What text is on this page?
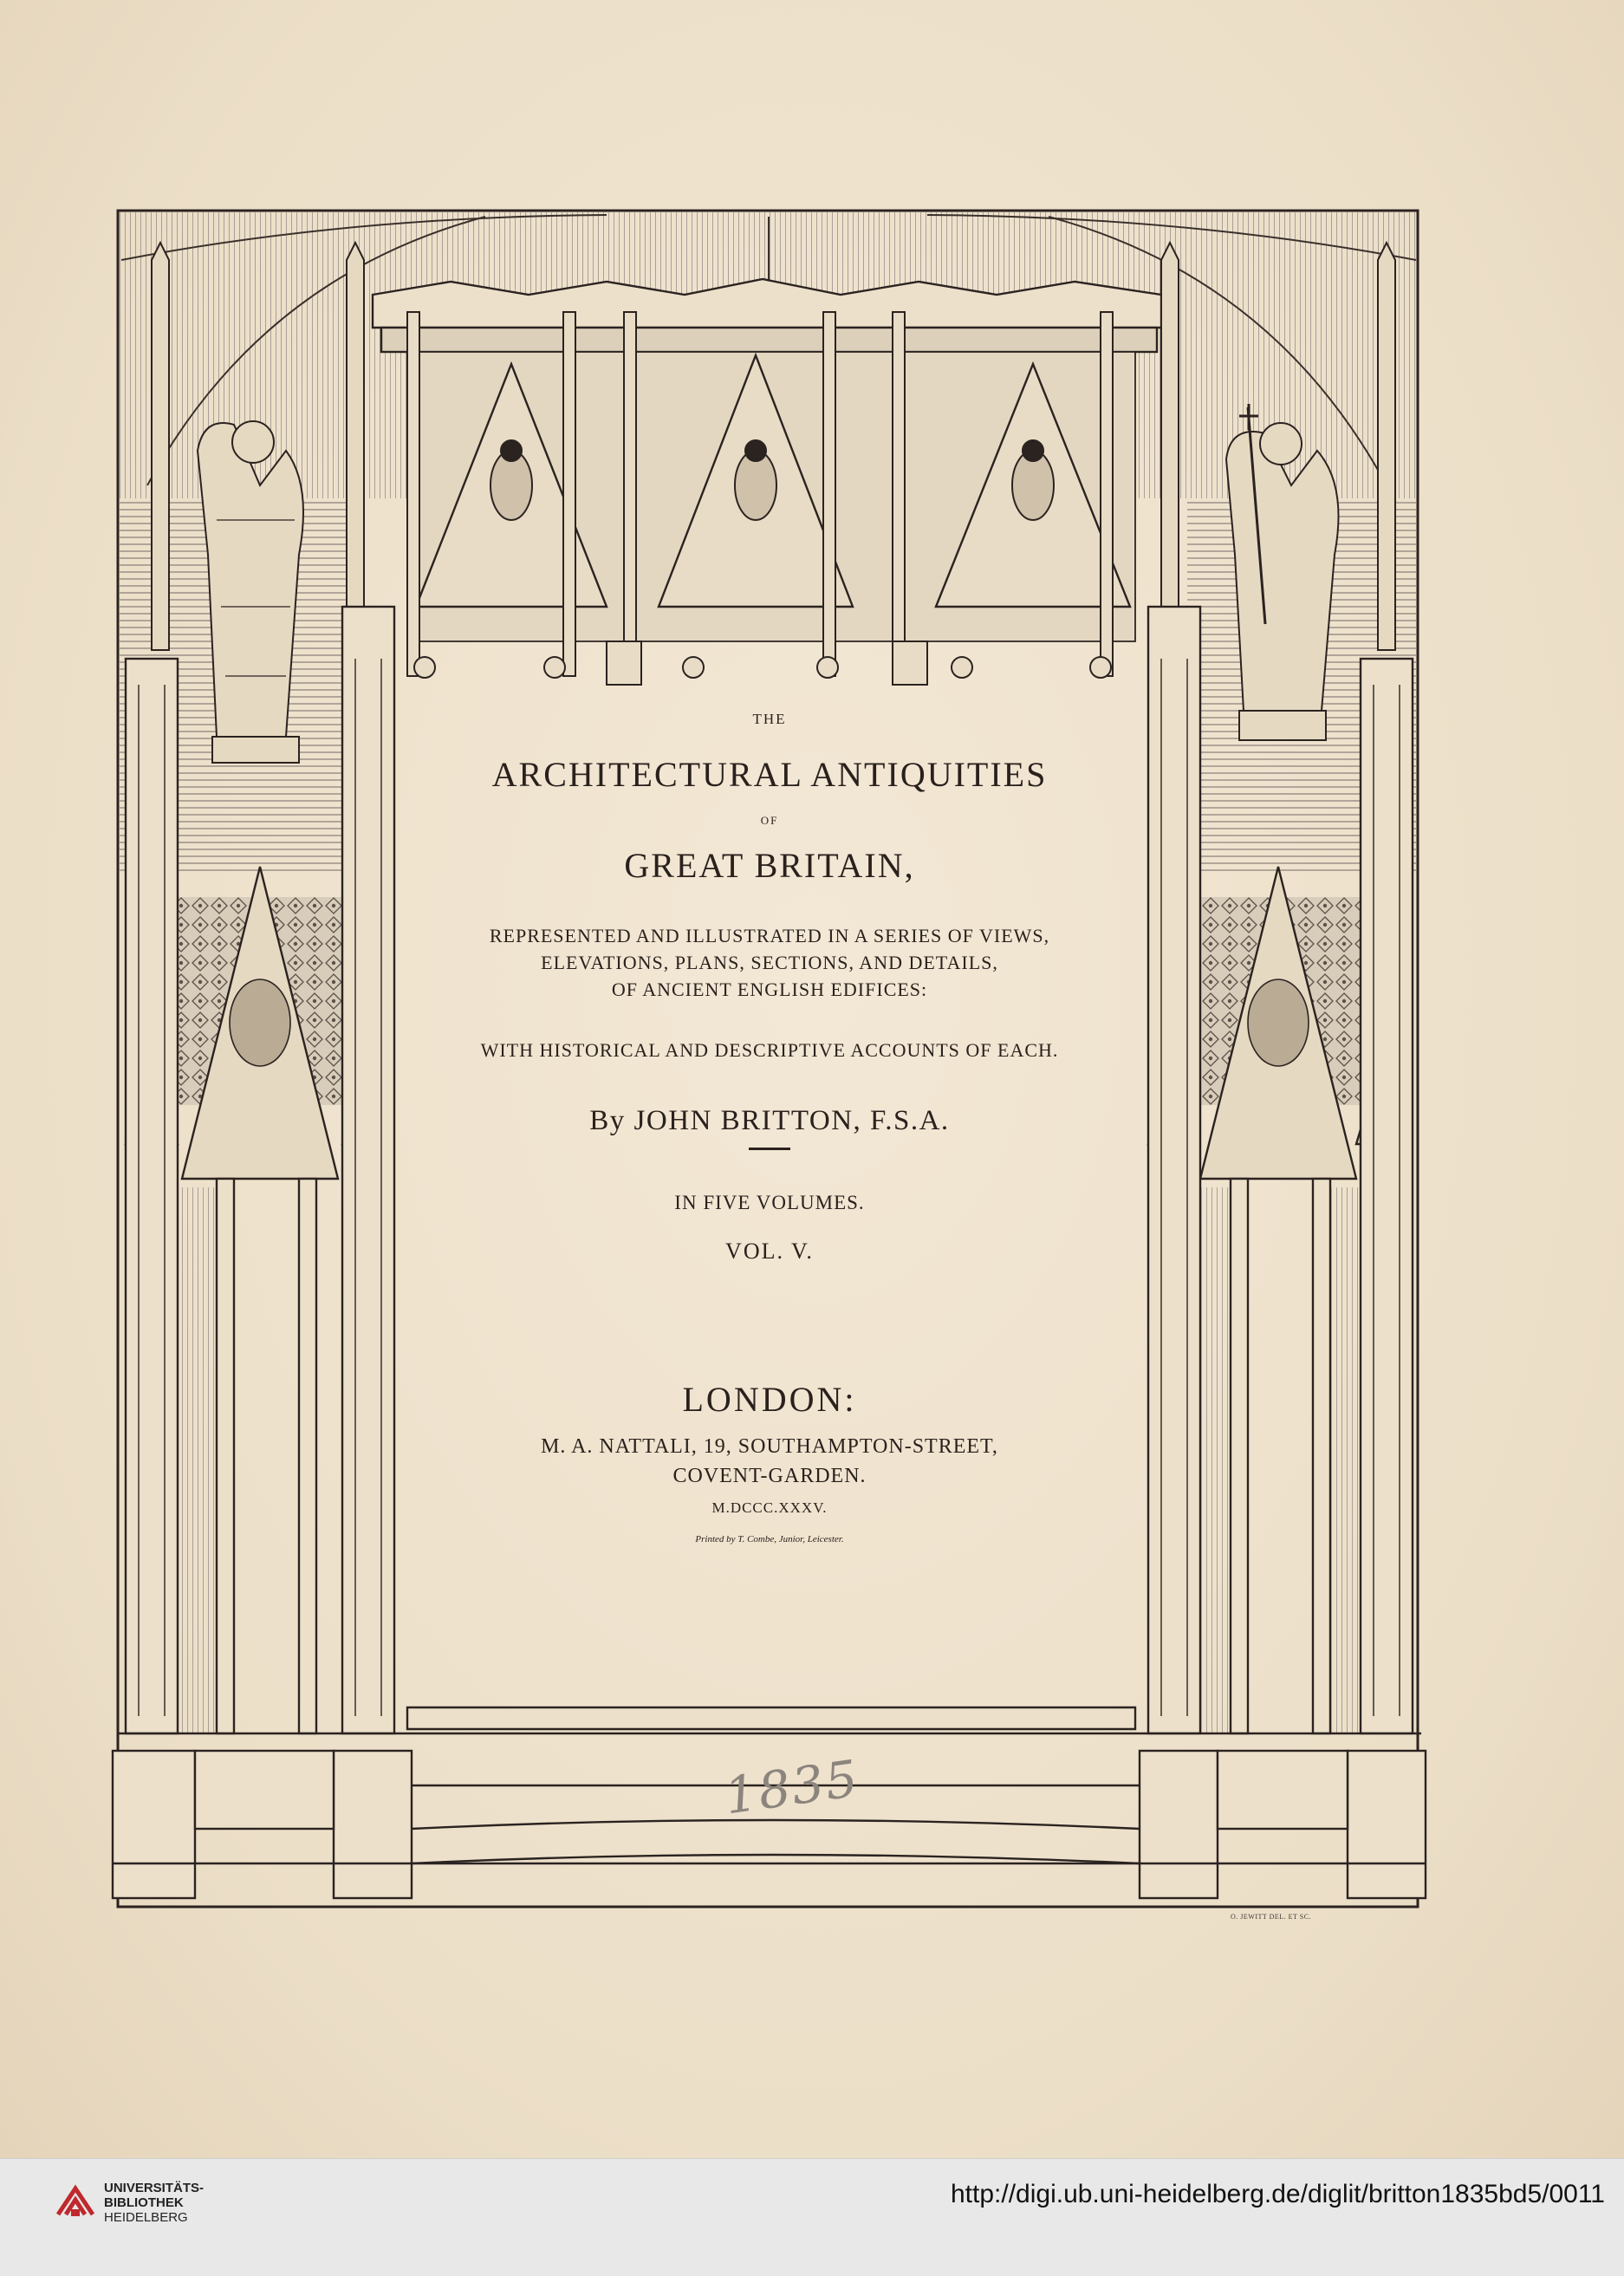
THE
ARCHITECTURAL ANTIQUITIES
OF
GREAT BRITAIN,
REPRESENTED AND ILLUSTRATED IN A SERIES OF VIEWS,
ELEVATIONS, PLANS, SECTIONS, AND DETAILS,
OF ANCIENT ENGLISH EDIFICES:
WITH HISTORICAL AND DESCRIPTIVE ACCOUNTS OF EACH.
By JOHN BRITTON, F.S.A.
IN FIVE VOLUMES.
VOL. V.
LONDON:
M. A. NATTALI, 19, SOUTHAMPTON-STREET,
COVENT-GARDEN.
M.DCCC.XXXV.
Printed by T. Combe, Junior, Leicester.
1835
O. JEWITT DEL. ET SC.
UNIVERSITÄTS-
BIBLIOTHEK
HEIDELBERG
http://digi.ub.uni-heidelberg.de/diglit/britton1835bd5/0011
